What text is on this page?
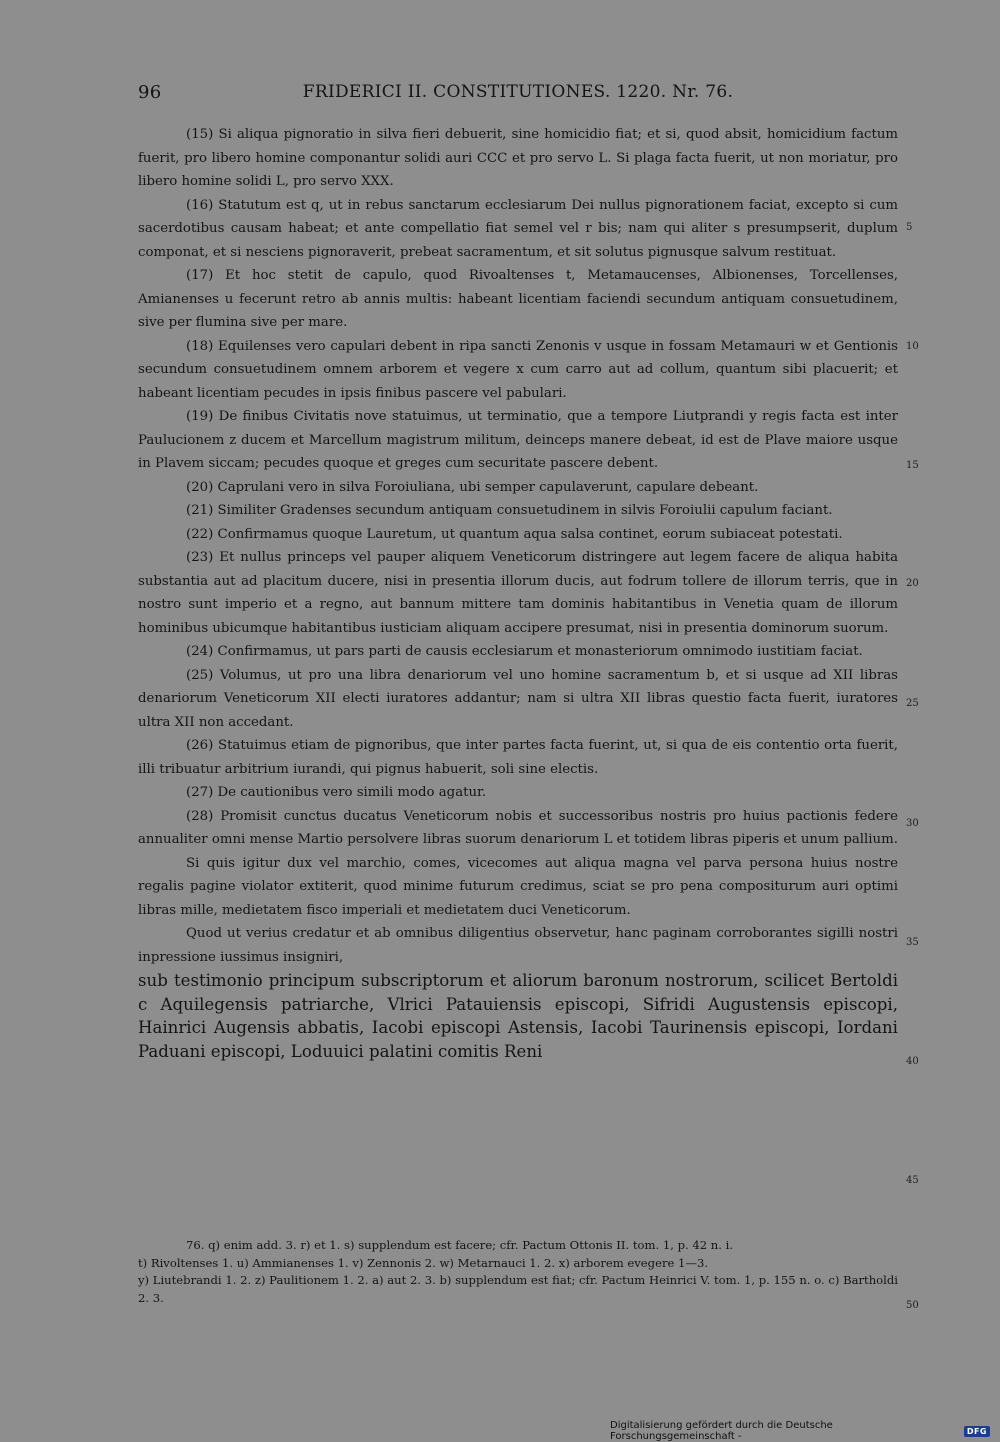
96	FRIDERICI II. CONSTITUTIONES. 1220. Nr. 76.

(15) Si aliqua pignoratio in silva fieri debuerit, sine homicidio fiat; et si, quod absit, homicidium factum fuerit, pro libero homine componantur solidi auri CCC et pro servo L. Si plaga facta fuerit, ut non moriatur, pro libero homine solidi L, pro servo XXX.

(16) Statutum est q, ut in rebus sanctarum ecclesiarum Dei nullus pignorationem faciat, excepto si cum sacerdotibus causam habeat; et ante compellatio fiat semel vel r bis; nam qui aliter s presumpserit, duplum componat, et si nesciens pignoraverit, prebeat sacramentum, et sit solutus pignusque salvum restituat.

(17) Et hoc stetit de capulo, quod Rivoaltenses t, Metamaucenses, Albionenses, Torcellenses, Amianenses u fecerunt retro ab annis multis: habeant licentiam faciendi secundum antiquam consuetudinem, sive per flumina sive per mare.

(18) Equilenses vero capulari debent in ripa sancti Zenonis v usque in fossam Metamauri w et Gentionis secundum consuetudinem omnem arborem et vegere x cum carro aut ad collum, quantum sibi placuerit; et habeant licentiam pecudes in ipsis finibus pascere vel pabulari.

(19) De finibus Civitatis nove statuimus, ut terminatio, que a tempore Liutprandi y regis facta est inter Paulucionem z ducem et Marcellum magistrum militum, deinceps manere debeat, id est de Plave maiore usque in Plavem siccam; pecudes quoque et greges cum securitate pascere debent.

(20) Caprulani vero in silva Foroiuliana, ubi semper capulaverunt, capulare debeant.

(21) Similiter Gradenses secundum antiquam consuetudinem in silvis Foroiulii capulum faciant.

(22) Confirmamus quoque Lauretum, ut quantum aqua salsa continet, eorum subiaceat potestati.

(23) Et nullus princeps vel pauper aliquem Veneticorum distringere aut legem facere de aliqua habita substantia aut ad placitum ducere, nisi in presentia illorum ducis, aut fodrum tollere de illorum terris, que in nostro sunt imperio et a regno, aut bannum mittere tam dominis habitantibus in Venetia quam de illorum hominibus ubicumque habitantibus iusticiam aliquam accipere presumat, nisi in presentia dominorum suorum.

(24) Confirmamus, ut pars parti de causis ecclesiarum et monasteriorum omnimodo iustitiam faciat.

(25) Volumus, ut pro una libra denariorum vel uno homine sacramentum b, et si usque ad XII libras denariorum Veneticorum XII electi iuratores addantur; nam si ultra XII libras questio facta fuerit, iuratores ultra XII non accedant.

(26) Statuimus etiam de pignoribus, que inter partes facta fuerint, ut, si qua de eis contentio orta fuerit, illi tribuatur arbitrium iurandi, qui pignus habuerit, soli sine electis.

(27) De cautionibus vero simili modo agatur.

(28) Promisit cunctus ducatus Veneticorum nobis et successoribus nostris pro huius pactionis federe annualiter omni mense Martio persolvere libras suorum denariorum L et totidem libras piperis et unum pallium.

Si quis igitur dux vel marchio, comes, vicecomes aut aliqua magna vel parva persona huius nostre regalis pagine violator extiterit, quod minime futurum credimus, sciat se pro pena compositurum auri optimi libras mille, medietatem fisco imperiali et medietatem duci Veneticorum.

Quod ut verius credatur et ab omnibus diligentius observetur, hanc paginam corroborantes sigilli nostri inpressione iussimus insigniri,

sub testimonio principum subscriptorum et aliorum baronum nostrorum, scilicet Bertoldi c Aquilegensis patriarche, Vlrici Patauiensis episcopi, Sifridi Augustensis episcopi, Hainrici Augensis abbatis, Iacobi episcopi Astensis, Iacobi Taurinensis episcopi, Iordani Paduani episcopi, Loduuici palatini comitis Reni

5
10
15
20
25
30
35
40
45
50

76. q) enim add. 3. r) et 1. s) supplendum est facere; cfr. Pactum Ottonis II. tom. 1, p. 42 n. i.

t) Rivoltenses 1. u) Ammianenses 1. v) Zennonis 2. w) Metarnauci 1. 2. x) arborem evegere 1—3.

y) Liutebrandi 1. 2. z) Paulitionem 1. 2. a) aut 2. 3. b) supplendum est fiat; cfr. Pactum Heinrici V. tom. 1, p. 155 n. o. c) Bartholdi 2. 3.

Digitalisierung gefördert durch die Deutsche Forschungsgemeinschaft -	DFG
